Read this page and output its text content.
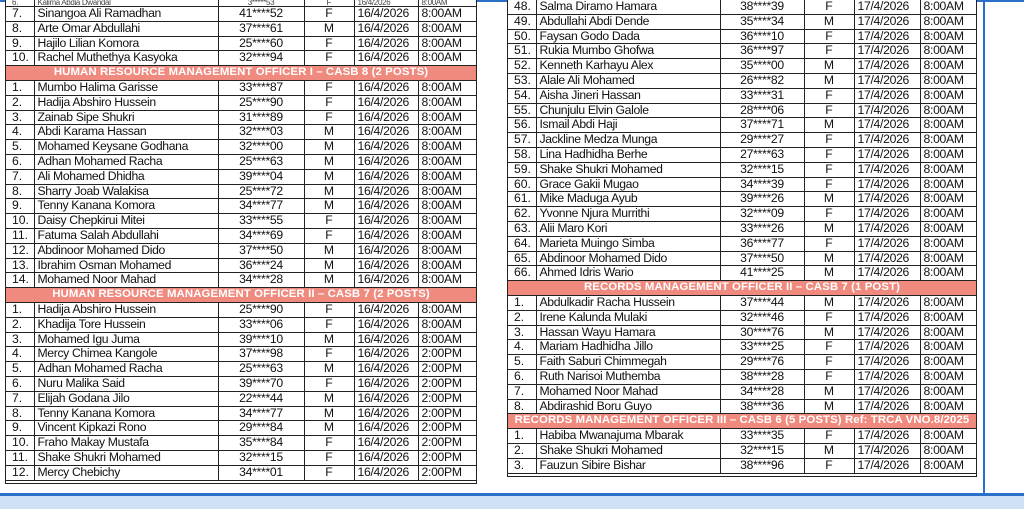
6.	Kalima Abdia Dwandal	3*****53	F	16/4/2026	8:00AM
7.	Sinangoa Ali Ramadhan	41****52	F	16/4/2026	8:00AM
8.	Arte Omar Abdullahi	37****61	M	16/4/2026	8:00AM
9.	Hajilo Lilian Komora	25****60	F	16/4/2026	8:00AM
10.	Rachel Muthethya Kasyoka	32****94	F	16/4/2026	8:00AM
HUMAN RESOURCE MANAGEMENT OFFICER I – CASB 8 (2 POSTS)					
1.	Mumbo Halima Garisse	33****87	F	16/4/2026	8:00AM
2.	Hadija Abshiro Hussein	25****90	F	16/4/2026	8:00AM
3.	Zainab Sipe Shukri	31****89	F	16/4/2026	8:00AM
4.	Abdi Karama Hassan	32****03	M	16/4/2026	8:00AM
5.	Mohamed Keysane Godhana	32****00	M	16/4/2026	8:00AM
6.	Adhan Mohamed Racha	25****63	M	16/4/2026	8:00AM
7.	Ali Mohamed Dhidha	39****04	M	16/4/2026	8:00AM
8.	Sharry Joab Walakisa	25****72	M	16/4/2026	8:00AM
9.	Tenny Kanana Komora	34****77	M	16/4/2026	8:00AM
10.	Daisy Chepkirui Mitei	33****55	F	16/4/2026	8:00AM
11.	Fatuma Salah Abdullahi	34****69	F	16/4/2026	8:00AM
12.	Abdinoor Mohamed Dido	37****50	M	16/4/2026	8:00AM
13.	Ibrahim Osman Mohamed	36****24	M	16/4/2026	8:00AM
14.	Mohamed Noor Mahad	34****28	M	16/4/2026	8:00AM
HUMAN RESOURCE MANAGEMENT OFFICER II – CASB 7 (2 POSTS)					
1.	Hadija Abshiro Hussein	25****90	F	16/4/2026	8:00AM
2.	Khadija Tore Hussein	33****06	F	16/4/2026	8:00AM
3.	Mohamed Igu Juma	39****10	M	16/4/2026	8:00AM
4.	Mercy Chimea Kangole	37****98	F	16/4/2026	2:00PM
5.	Adhan Mohamed Racha	25****63	M	16/4/2026	2:00PM
6.	Nuru Malika Said	39****70	F	16/4/2026	2:00PM
7.	Elijah Godana Jilo	22****44	M	16/4/2026	2:00PM
8.	Tenny Kanana Komora	34****77	M	16/4/2026	2:00PM
9.	Vincent Kipkazi Rono	29****84	M	16/4/2026	2:00PM
10.	Fraho Makay Mustafa	35****84	F	16/4/2026	2:00PM
11.	Shake Shukri Mohamed	32****15	F	16/4/2026	2:00PM
12.	Mercy Chebichy	34****01	F	16/4/2026	2:00PM
48.	Salma Diramo Hamara	38****39	F	17/4/2026	8:00AM
49.	Abdullahi Abdi Dende	35****34	M	17/4/2026	8:00AM
50.	Faysan Godo Dada	36****10	F	17/4/2026	8:00AM
51.	Rukia Mumbo Ghofwa	36****97	F	17/4/2026	8:00AM
52.	Kenneth Karhayu Alex	35****00	M	17/4/2026	8:00AM
53.	Alale Ali Mohamed	26****82	M	17/4/2026	8:00AM
54.	Aisha Jineri Hassan	33****31	F	17/4/2026	8:00AM
55.	Chunjulu Elvin Galole	28****06	F	17/4/2026	8:00AM
56.	Ismail Abdi Haji	37****71	M	17/4/2026	8:00AM
57.	Jackline Medza Munga	29****27	F	17/4/2026	8:00AM
58.	Lina Hadhidha Berhe	27****63	F	17/4/2026	8:00AM
59.	Shake Shukri Mohamed	32****15	F	17/4/2026	8:00AM
60.	Grace Gakii Mugao	34****39	F	17/4/2026	8:00AM
61.	Mike Maduga Ayub	39****26	M	17/4/2026	8:00AM
62.	Yvonne Njura Murrithi	32****09	F	17/4/2026	8:00AM
63.	Alii Maro Kori	33****26	M	17/4/2026	8:00AM
64.	Marieta Muingo Simba	36****77	F	17/4/2026	8:00AM
65.	Abdinoor Mohamed Dido	37****50	M	17/4/2026	8:00AM
66.	Ahmed Idris Wario	41****25	M	17/4/2026	8:00AM
RECORDS MANAGEMENT OFFICER II – CASB 7 (1 POST)					
1.	Abdulkadir Racha Hussein	37****44	M	17/4/2026	8:00AM
2.	Irene Kalunda Mulaki	32****46	F	17/4/2026	8:00AM
3.	Hassan Wayu Hamara	30****76	M	17/4/2026	8:00AM
4.	Mariam Hadhidha Jillo	33****25	F	17/4/2026	8:00AM
5.	Faith Saburi Chimmegah	29****76	F	17/4/2026	8:00AM
6.	Ruth Narisoi Muthemba	38****28	F	17/4/2026	8:00AM
7.	Mohamed Noor Mahad	34****28	M	17/4/2026	8:00AM
8.	Abdirashid Boru Guyo	38****36	M	17/4/2026	8:00AM
RECORDS MANAGEMENT OFFICER III – CASB 6 (5 POSTS) Ref: TRCA VNO.8/2025					
1.	Habiba Mwanajuma Mbarak	33****35	F	17/4/2026	8:00AM
2.	Shake Shukri Mohamed	32****15	M	17/4/2026	8:00AM
3.	Fauzun Sibire Bishar	38****96	F	17/4/2026	8:00AM
